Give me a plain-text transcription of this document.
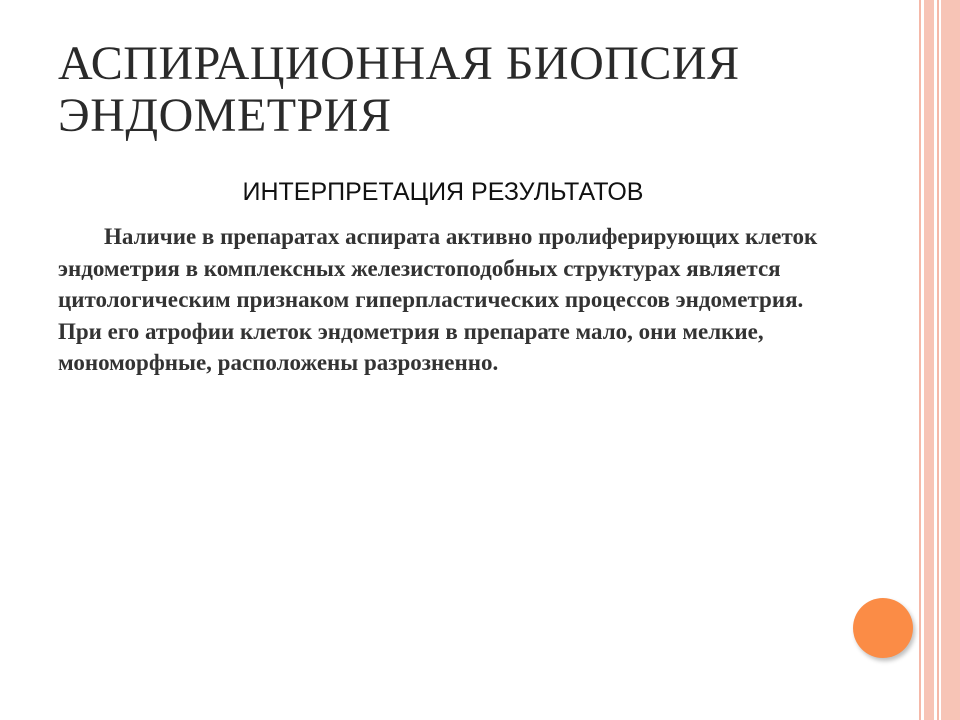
АСПИРАЦИОННАЯ БИОПСИЯ
ЭНДОМЕТРИЯ
ИНТЕРПРЕТАЦИЯ РЕЗУЛЬТАТОВ

Наличие в препаратах аспирата активно пролиферирующих клеток эндометрия в комплексных железистоподобных структурах является цитологическим признаком гиперпластических процессов эндометрия. При его атрофии клеток эндометрия в препарате мало, они мелкие, мономорфные, расположены разрозненно.
